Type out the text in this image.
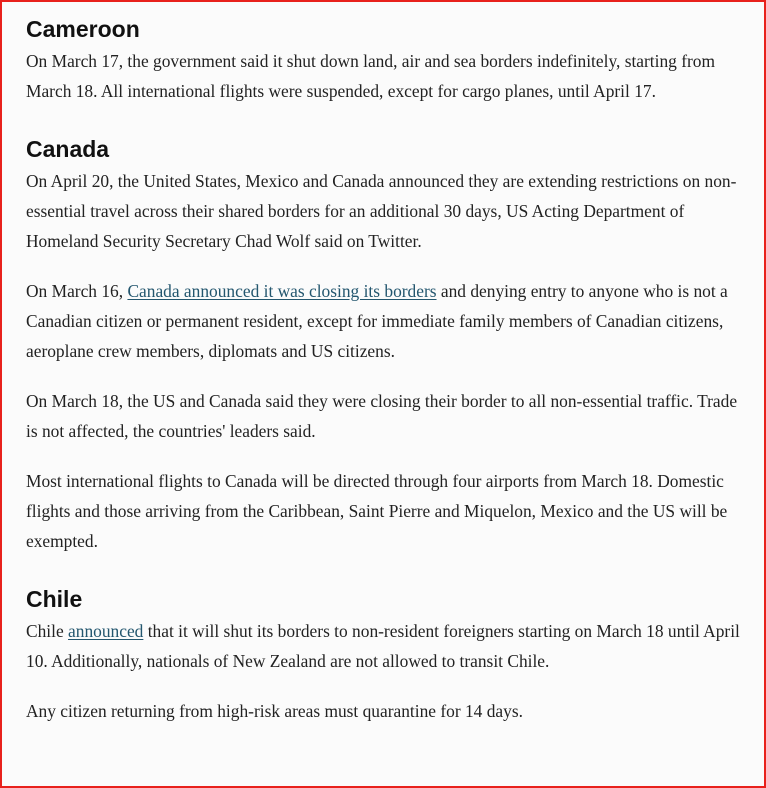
Cameroon

On March 17, the government said it shut down land, air and sea borders indefinitely, starting from March 18. All international flights were suspended, except for cargo planes, until April 17.

Canada

On April 20, the United States, Mexico and Canada announced they are extending restrictions on non-essential travel across their shared borders for an additional 30 days, US Acting Department of Homeland Security Secretary Chad Wolf said on Twitter.

On March 16, Canada announced it was closing its borders and denying entry to anyone who is not a Canadian citizen or permanent resident, except for immediate family members of Canadian citizens, aeroplane crew members, diplomats and US citizens.

On March 18, the US and Canada said they were closing their border to all non-essential traffic. Trade is not affected, the countries' leaders said.

Most international flights to Canada will be directed through four airports from March 18. Domestic flights and those arriving from the Caribbean, Saint Pierre and Miquelon, Mexico and the US will be exempted.

Chile

Chile announced that it will shut its borders to non-resident foreigners starting on March 18 until April 10. Additionally, nationals of New Zealand are not allowed to transit Chile.

Any citizen returning from high-risk areas must quarantine for 14 days.
